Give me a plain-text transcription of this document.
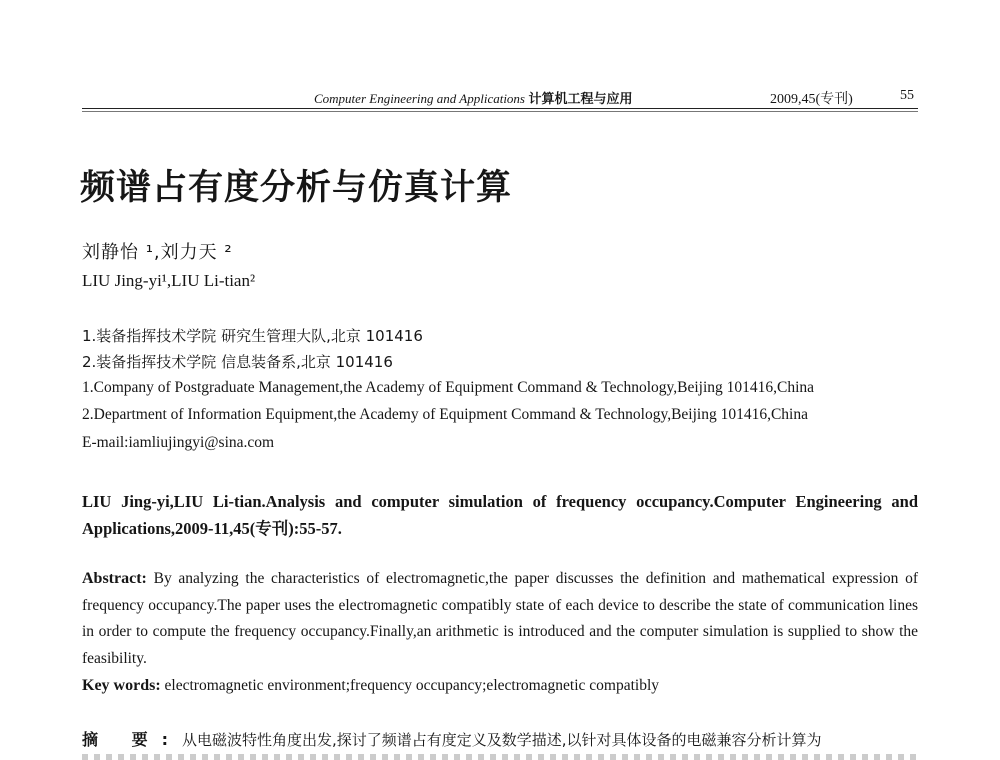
Computer Engineering and Applications 计算机工程与应用	2009,45(专刊)	55
频谱占有度分析与仿真计算
刘静怡 ¹,刘力天 ²
LIU Jing-yi¹,LIU Li-tian²
1.装备指挥技术学院 研究生管理大队,北京 101416
2.装备指挥技术学院 信息装备系,北京 101416
1.Company of Postgraduate Management,the Academy of Equipment Command & Technology,Beijing 101416,China
2.Department of Information Equipment,the Academy of Equipment Command & Technology,Beijing 101416,China
E-mail:iamliujingyi@sina.com
LIU Jing-yi,LIU Li-tian.Analysis and computer simulation of frequency occupancy.Computer Engineering and Applications,2009-11,45(专刊):55-57.
Abstract: By analyzing the characteristics of electromagnetic,the paper discusses the definition and mathematical expression of frequency occupancy.The paper uses the electromagnetic compatibly state of each device to describe the state of communication lines in order to compute the frequency occupancy.Finally,an arithmetic is introduced and the computer simulation is supplied to show the feasibility.
Key words: electromagnetic environment;frequency occupancy;electromagnetic compatibly
摘 要:从电磁波特性角度出发,探讨了频谱占有度定义及数学描述,以针对具体设备的电磁兼容分析计算为
